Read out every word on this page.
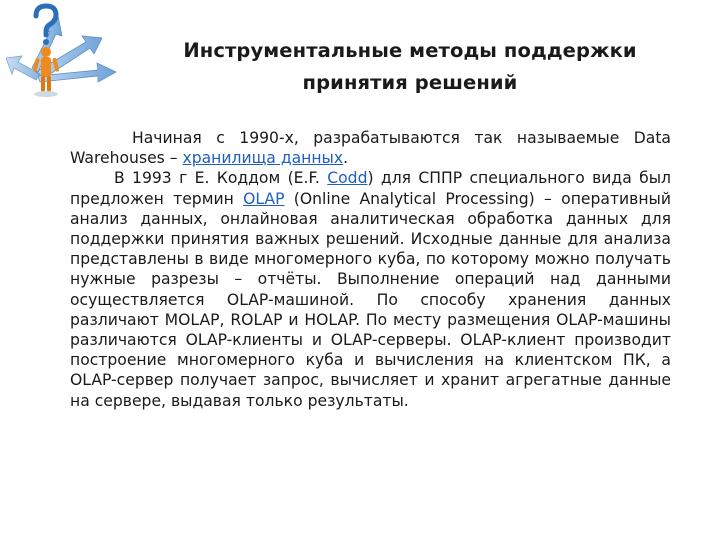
Инструментальные методы поддержки
принятия решений

Начиная с 1990-х, разрабатываются так называемые Data Warehouses – хранилища данных.

В 1993 г Е. Коддом (E.F. Codd) для СППР специального вида был предложен термин OLAP (Online Analytical Processing) – оперативный анализ данных, онлайновая аналитическая обработка данных для поддержки принятия важных решений. Исходные данные для анализа представлены в виде многомерного куба, по которому можно получать нужные разрезы – отчёты. Выполнение операций над данными осуществляется OLAP-машиной. По способу хранения данных различают MOLAP, ROLAP и HOLAP. По месту размещения OLAP-машины различаются OLAP-клиенты и OLAP-серверы. OLAP-клиент производит построение многомерного куба и вычисления на клиентском ПК, а OLAP-сервер получает запрос, вычисляет и хранит агрегатные данные на сервере, выдавая только результаты.
